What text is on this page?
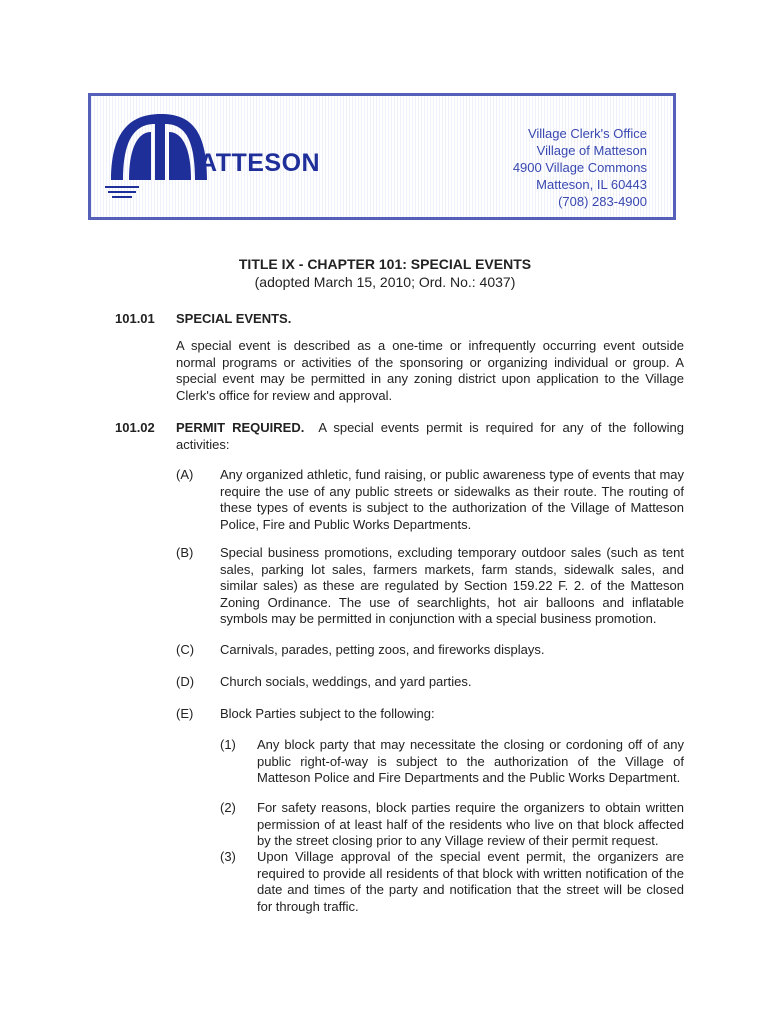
ATTESON
Village Clerk's Office
Village of Matteson
4900 Village Commons
Matteson, IL 60443
(708) 283-4900
TITLE IX - CHAPTER 101: SPECIAL EVENTS
(adopted March 15, 2010; Ord. No.: 4037)
101.01 SPECIAL EVENTS.
A special event is described as a one-time or infrequently occurring event outside normal programs or activities of the sponsoring or organizing individual or group. A special event may be permitted in any zoning district upon application to the Village Clerk's office for review and approval.
101.02 PERMIT REQUIRED. A special events permit is required for any of the following activities:
(A) Any organized athletic, fund raising, or public awareness type of events that may require the use of any public streets or sidewalks as their route. The routing of these types of events is subject to the authorization of the Village of Matteson Police, Fire and Public Works Departments.
(B) Special business promotions, excluding temporary outdoor sales (such as tent sales, parking lot sales, farmers markets, farm stands, sidewalk sales, and similar sales) as these are regulated by Section 159.22 F. 2. of the Matteson Zoning Ordinance. The use of searchlights, hot air balloons and inflatable symbols may be permitted in conjunction with a special business promotion.
(C) Carnivals, parades, petting zoos, and fireworks displays.
(D) Church socials, weddings, and yard parties.
(E) Block Parties subject to the following:
(1) Any block party that may necessitate the closing or cordoning off of any public right-of-way is subject to the authorization of the Village of Matteson Police and Fire Departments and the Public Works Department.
(2) For safety reasons, block parties require the organizers to obtain written permission of at least half of the residents who live on that block affected by the street closing prior to any Village review of their permit request.
(3) Upon Village approval of the special event permit, the organizers are required to provide all residents of that block with written notification of the date and times of the party and notification that the street will be closed for through traffic.
